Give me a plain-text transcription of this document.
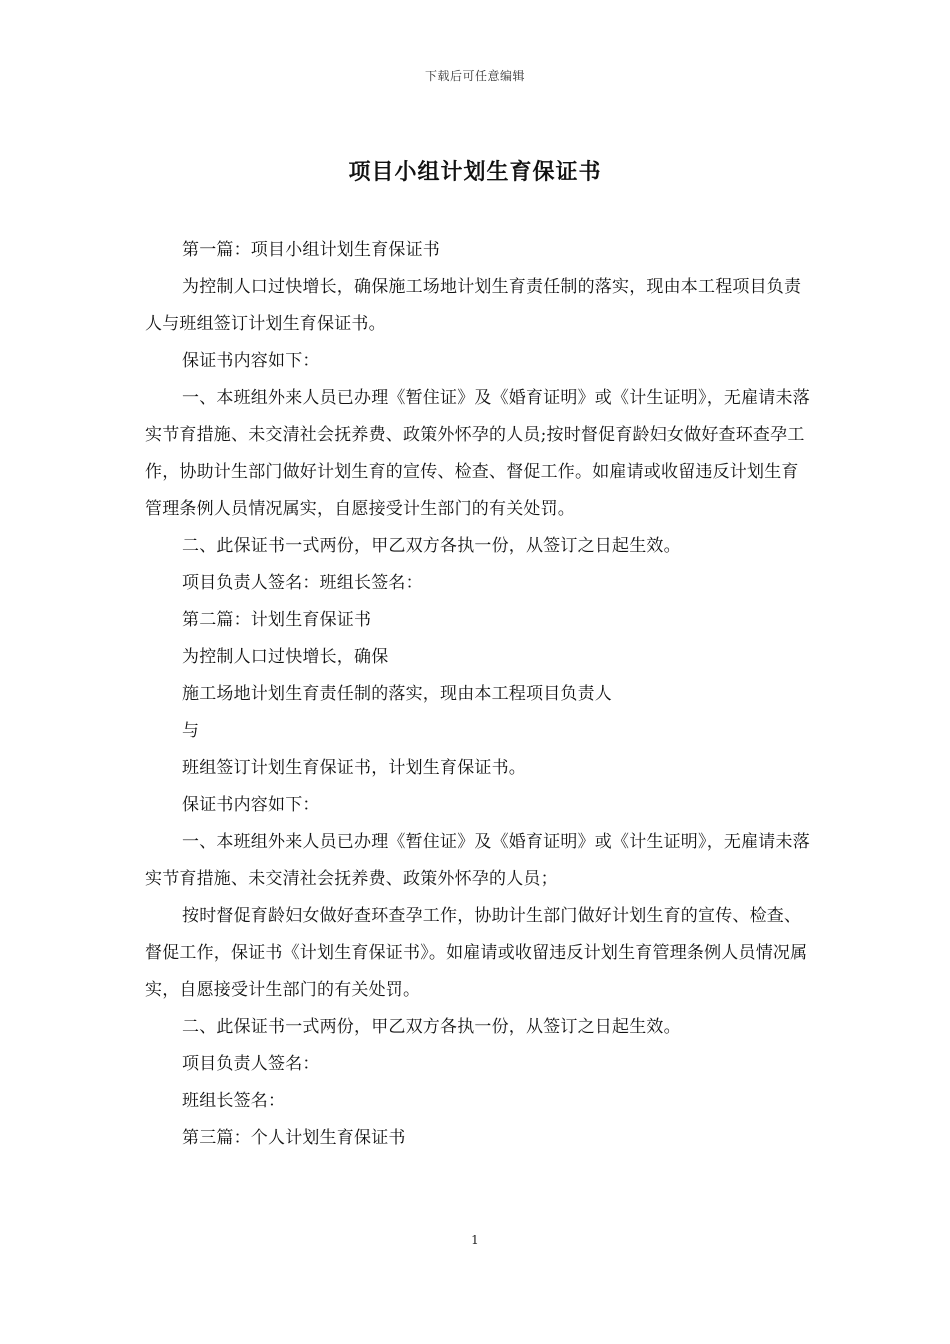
下载后可任意编辑
项目小组计划生育保证书

第一篇：项目小组计划生育保证书

为控制人口过快增长，确保施工场地计划生育责任制的落实，现由本工程项目负责人与班组签订计划生育保证书。

保证书内容如下：

一、本班组外来人员已办理《暂住证》及《婚育证明》或《计生证明》，无雇请未落实节育措施、未交清社会抚养费、政策外怀孕的人员;按时督促育龄妇女做好查环查孕工作，协助计生部门做好计划生育的宣传、检查、督促工作。如雇请或收留违反计划生育管理条例人员情况属实，自愿接受计生部门的有关处罚。

二、此保证书一式两份，甲乙双方各执一份，从签订之日起生效。

项目负责人签名：班组长签名：

第二篇：计划生育保证书

为控制人口过快增长，确保

施工场地计划生育责任制的落实，现由本工程项目负责人

与

班组签订计划生育保证书，计划生育保证书。

保证书内容如下：

一、本班组外来人员已办理《暂住证》及《婚育证明》或《计生证明》，无雇请未落实节育措施、未交清社会抚养费、政策外怀孕的人员；

按时督促育龄妇女做好查环查孕工作，协助计生部门做好计划生育的宣传、检查、督促工作，保证书《计划生育保证书》。如雇请或收留违反计划生育管理条例人员情况属实，自愿接受计生部门的有关处罚。

二、此保证书一式两份，甲乙双方各执一份，从签订之日起生效。

项目负责人签名：

班组长签名：

第三篇：个人计划生育保证书

1
